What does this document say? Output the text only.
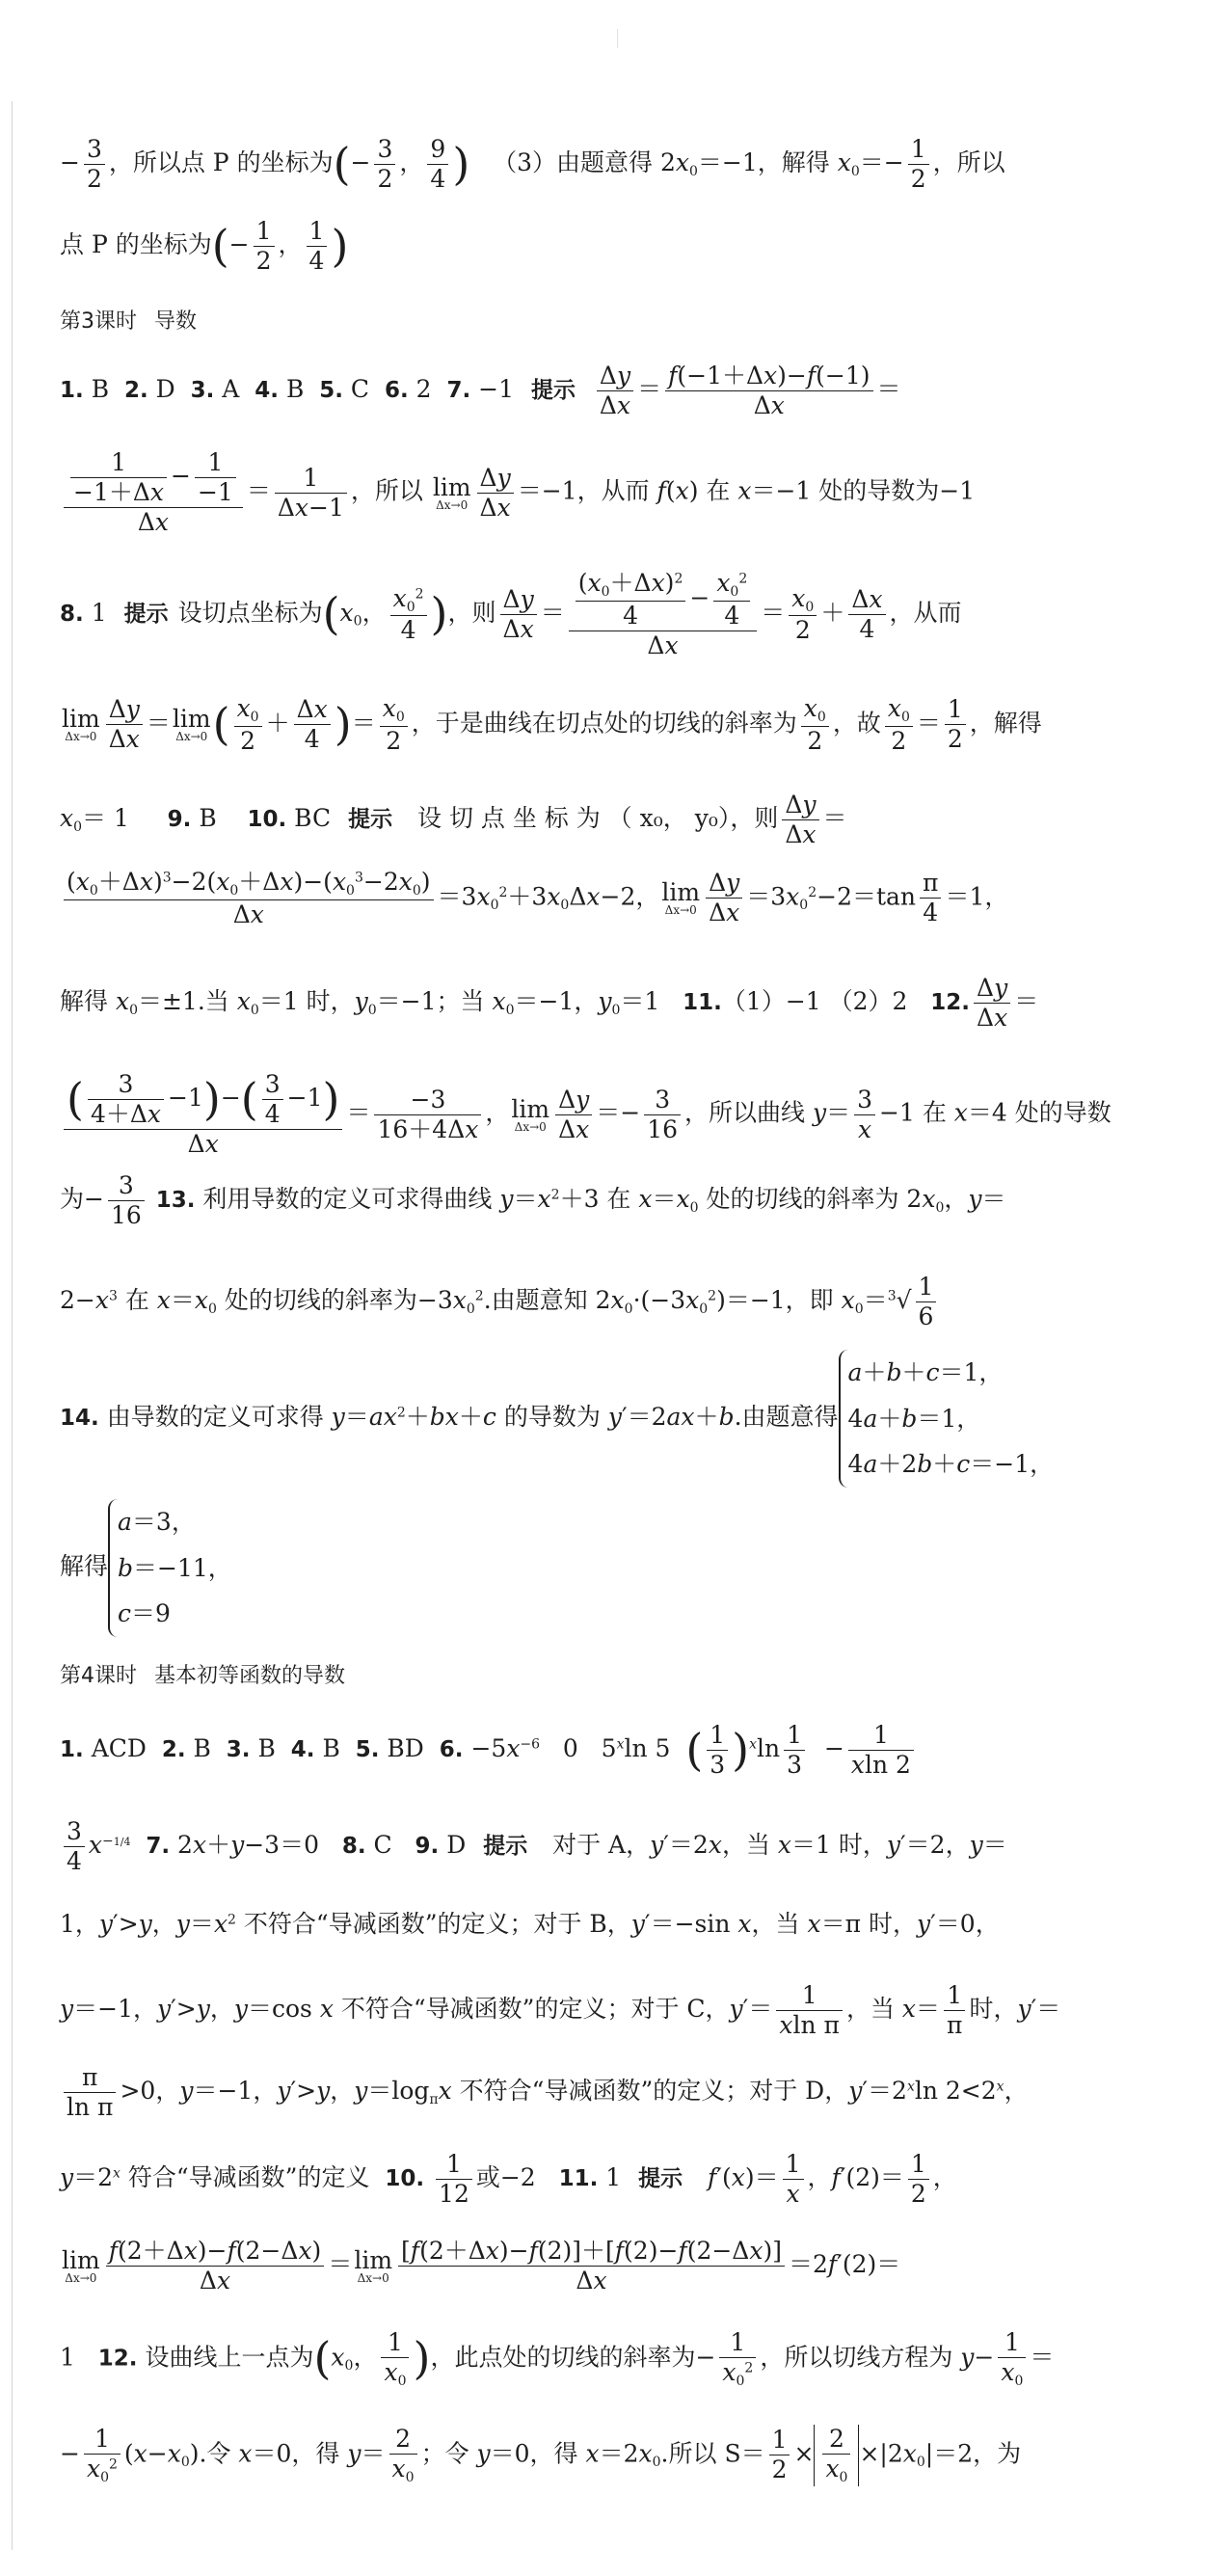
− $\frac{3}{2}$ ，所以点 P 的坐标为(− $\frac{3}{2}$ ， $\frac{9}{4}$ ) （3）由题意得 $2x_0=-1$，解得 $x_0=- \frac{1}{2}$ ，所以
点 P 的坐标为(− $\frac{1}{2}$ ， $\frac{1}{4}$ )
第3课时 导数
1. B  2. D  3. A  4. B  5. C  6. 2  7. −1 提示 $\frac{\Delta y}{\Delta x} = \frac{f(-1+\Delta x)-f(-1)}{\Delta x}$ ＝
$\frac{\frac{1}{-1+\Delta x} - \frac{1}{-1}}{\Delta x} = \frac{1}{\Delta x-1}$ ，所以 lim
$\Delta x\to 0 \frac{\Delta y}{\Delta x} =-1$，从而 f(x) 在 x＝−1 处的导数为−1
8. 1 提示 设切点坐标为($x_0$， $\frac{x_0^2}{4}$ )，则 $\frac{\Delta y}{\Delta x} = \frac{\frac{(x_0+\Delta x)^2}{4} - \frac{x_0^2}{4}}{\Delta x} = \frac{x_0}{2} + \frac{\Delta x}{4}$ ，从而
lim
$\Delta x\to 0 \frac{\Delta y}{\Delta x} = \lim$
Δx→0 ( $\frac{x_0}{2} + \frac{\Delta x}{4}$ )＝ $\frac{x_0}{2}$ ，于是曲线在切点处的切线的斜率为 $\frac{x_0}{2}$ ，故 $\frac{x_0}{2} = \frac{1}{2}$ ，解得
$x_0= 1$     9. B    10. BC 提示 设 切 点 坐 标 为 （ x₀， y₀），则 $\frac{\Delta y}{\Delta x}$ ＝
$\frac{(x_0+\Delta x)^3-2(x_0+\Delta x)-(x_0^3-2x_0)}{\Delta x} =3x_0^2+3x_0\Delta x-2$， lim
$\Delta x\to 0 \frac{\Delta y}{\Delta x} =3x_0^2-2=\tan \frac{\pi}{4} =1$，
解得 $x_0=\pm 1$.当 $x_0=1$ 时，$y_0=-1$；当 $x_0=-1$，$y_0=1$   11.（1）−1 （2）2   12. $\frac{\Delta y}{\Delta x}$ ＝
$\frac{( \frac{3}{4+\Delta x} -1)-( \frac{3}{4} -1)}{\Delta x} = \frac{-3}{16+4\Delta x}$ ， lim
$\Delta x\to 0 \frac{\Delta y}{\Delta x} =- \frac{3}{16}$ ，所以曲线 $y= \frac{3}{x} -1$ 在 x＝4 处的导数
为− $\frac{3}{16} 13$. 利用导数的定义可求得曲线 $y=x^2+3$ 在 $x=x_0$ 处的切线的斜率为 $2x_0$，y＝
$2-x^3$ 在 $x=x_0$ 处的切线的斜率为$-3x_0^2$.由题意知 $2x_0\cdot(-3x_0^2)=-1$，即 $x_0=^3√ \frac{1}{6}$
14. 由导数的定义可求得 $y=ax^2+bx+c$ 的导数为 y′＝2ax＋b.由题意得a＋b＋c＝1，
4a＋b＝1，
4a＋2b＋c＝−1，
解得a＝3，
b＝−11，
c＝9
第4课时 基本初等函数的导数
1. ACD  2. B  3. B  4. B  5. BD  6. $-5x^{-6}$   0   5$^x$ln 5  ( $\frac{1}{3} )^x\ln \frac{1}{3} - \frac{1}{xln 2}$
$\frac{3}{4} x^{-1/4}$ 7. 2x＋y−3＝0   8. C   9. D 提示 对于 A，y′＝2x，当 x＝1 时，y′＝2，y＝
1，y′>y，$y=x^2$ 不符合“导减函数”的定义；对于 B，y′＝−sin x，当 x＝π 时，y′＝0，
y＝−1，y′>y，y＝cos x 不符合“导减函数”的定义；对于 C，$y'= \frac{1}{\text{xln π}}$ ，当 $x= \frac{1}{\pi}$ 时，y′＝
$\frac{\pi}{\text{ln π}} >0$，y＝−1，y′>y，$y=\log_\pi x$ 不符合“导减函数”的定义；对于 D，$y'=2^x\ln$ $2<2^x$，
$y=2^x$ 符合“导减函数”的定义  10. $\frac{1}{12}$ 或−2   11. 1 提示 $f'(x)= \frac{1}{x}$ ，$f'(2)= \frac{1}{2}$ ，
lim
$\Delta x\to 0 \frac{f(2+\Delta x)-f(2-\Delta x)}{\Delta x} = \lim$
$\Delta x\to 0 \frac{[f(2+\Delta x)-f(2)]+[f(2)-f(2-\Delta x)]}{\Delta x} =2f'(2)=$
1   12. 设曲线上一点为($x_0$， $\frac{1}{x_0}$ )，此点处的切线的斜率为− $\frac{1}{x_0^2}$ ，所以切线方程为 $y- \frac{1}{x_0}$ ＝
− $\frac{1}{x_0^2} (x-x_0)$.令 x＝0，得 $y= \frac{2}{x_0}$ ；令 y＝0，得 $x=2x_0$.所以 $S= \frac{1}{2} \times \frac{2}{x_0} \times|2x_0|=2$，为
